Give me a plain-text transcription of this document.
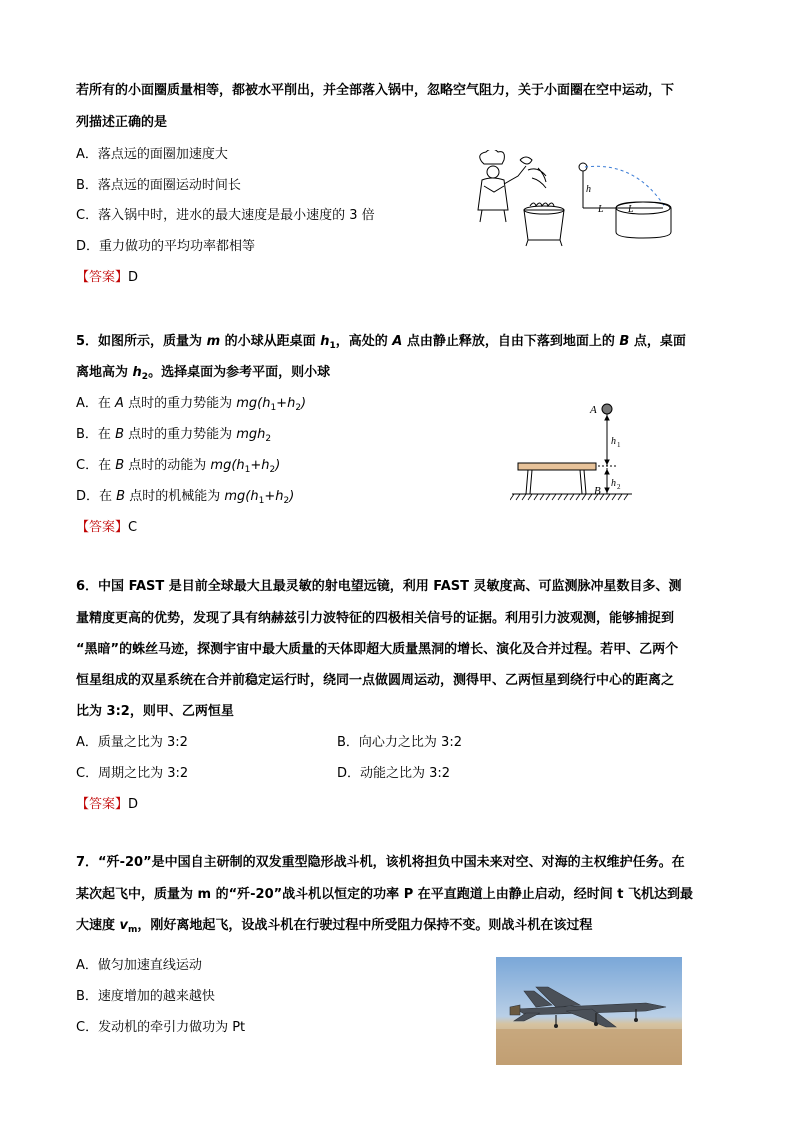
若所有的小面圈质量相等，都被水平削出，并全部落入锅中，忽略空气阻力，关于小面圈在空中运动，下
列描述正确的是
A．落点远的面圈加速度大
B．落点远的面圈运动时间长
C．落入锅中时，进水的最大速度是最小速度的 3 倍
D．重力做功的平均功率都相等
【答案】D
h
L L
5．如图所示，质量为 m 的小球从距桌面 $h_1$，高处的 A 点由静止释放，自由下落到地面上的 B 点，桌面
离地高为 $h_2$。选择桌面为参考平面，则小球
A．在 A 点时的重力势能为 $mg(h_1+h_2)$
B．在 B 点时的重力势能为 mgh$_2$
C．在 B 点时的动能为 $mg(h_1+h_2)$
D．在 B 点时的机械能为 $mg(h_1+h_2)$
【答案】C
A
h 1
h 2
B
6．中国 FAST 是目前全球最大且最灵敏的射电望远镜，利用 FAST 灵敏度高、可监测脉冲星数目多、测
量精度更高的优势，发现了具有纳赫兹引力波特征的四极相关信号的证据。利用引力波观测，能够捕捉到
“黑暗”的蛛丝马迹，探测宇宙中最大质量的天体即超大质量黑洞的增长、演化及合并过程。若甲、乙两个
恒星组成的双星系统在合并前稳定运行时，绕同一点做圆周运动，测得甲、乙两恒星到绕行中心的距离之
比为 3:2，则甲、乙两恒星
A．质量之比为 3:2	B．向心力之比为 3:2
C．周期之比为 3:2	D．动能之比为 3:2
【答案】D
7．“歼-20”是中国自主研制的双发重型隐形战斗机，该机将担负中国未来对空、对海的主权维护任务。在
某次起飞中，质量为 m 的“歼-20”战斗机以恒定的功率 P 在平直跑道上由静止启动，经时间 t 飞机达到最
大速度 $v_m$，刚好离地起飞，设战斗机在行驶过程中所受阻力保持不变。则战斗机在该过程
A．做匀加速直线运动
B．速度增加的越来越快
C．发动机的牵引力做功为 Pt
